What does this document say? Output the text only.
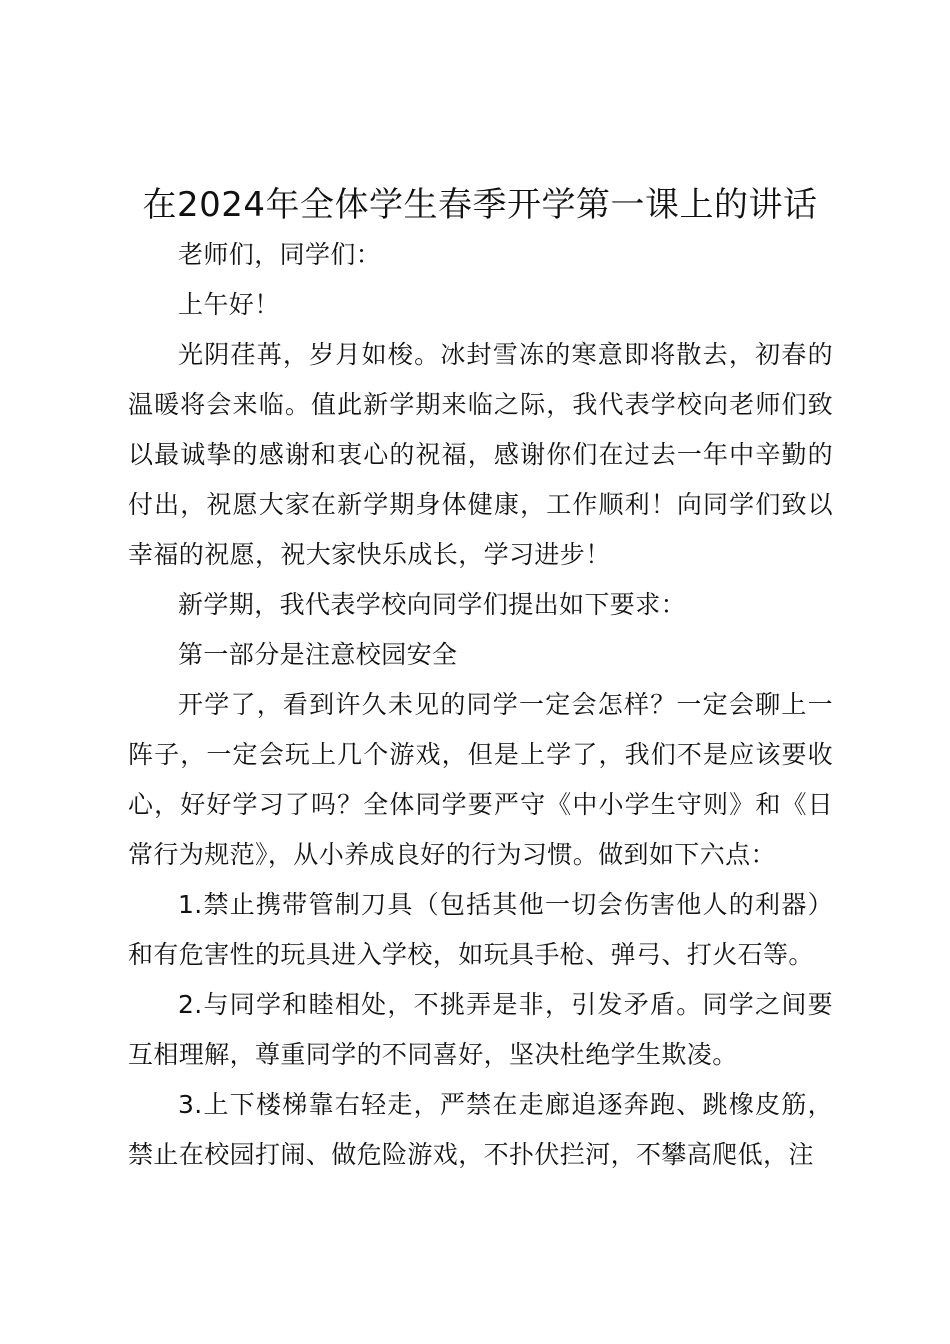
在2024年全体学生春季开学第一课上的讲话

老师们，同学们：

上午好！

光阴荏苒，岁月如梭。冰封雪冻的寒意即将散去，初春的温暖将会来临。值此新学期来临之际，我代表学校向老师们致以最诚挚的感谢和衷心的祝福，感谢你们在过去一年中辛勤的付出，祝愿大家在新学期身体健康，工作顺利！向同学们致以幸福的祝愿，祝大家快乐成长，学习进步！

新学期，我代表学校向同学们提出如下要求：

第一部分是注意校园安全

开学了，看到许久未见的同学一定会怎样？一定会聊上一阵子，一定会玩上几个游戏，但是上学了，我们不是应该要收心，好好学习了吗？全体同学要严守《中小学生守则》和《日常行为规范》，从小养成良好的行为习惯。做到如下六点：

1.禁止携带管制刀具（包括其他一切会伤害他人的利器）和有危害性的玩具进入学校，如玩具手枪、弹弓、打火石等。

2.与同学和睦相处，不挑弄是非，引发矛盾。同学之间要互相理解，尊重同学的不同喜好，坚决杜绝学生欺凌。

3.上下楼梯靠右轻走，严禁在走廊追逐奔跑、跳橡皮筋，禁止在校园打闹、做危险游戏，不扑伏拦河，不攀高爬低，注
